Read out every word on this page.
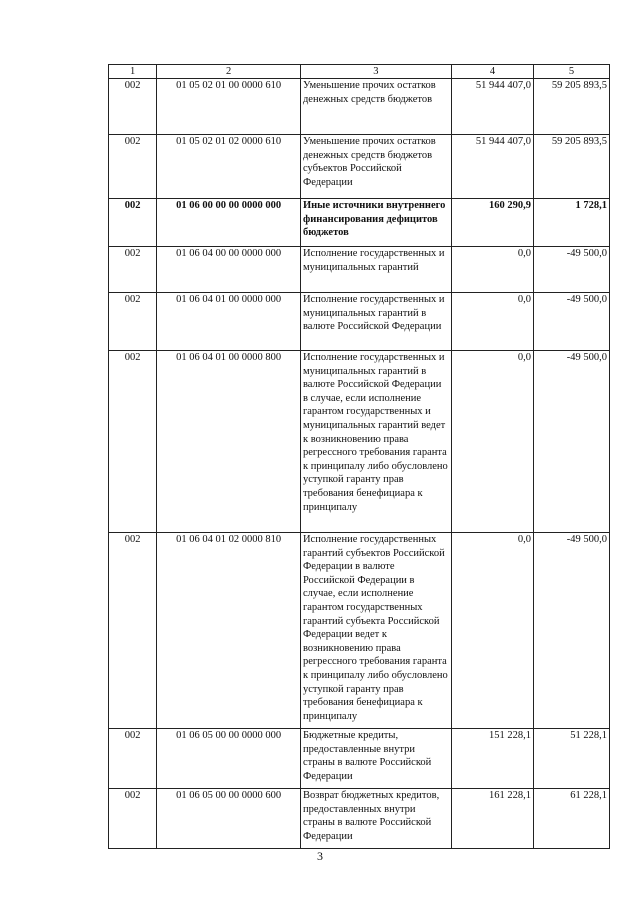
1	2	3	4	5
002	01 05 02 01 00 0000 610	Уменьшение прочих остатков денежных средств бюджетов	51 944 407,0	59 205 893,5
002	01 05 02 01 02 0000 610	Уменьшение прочих остатков денежных средств бюджетов субъектов Российской Федерации	51 944 407,0	59 205 893,5
002	01 06 00 00 00 0000 000	Иные источники внутреннего финансирования дефицитов бюджетов	160 290,9	1 728,1
002	01 06 04 00 00 0000 000	Исполнение государственных и муниципальных гарантий	0,0	-49 500,0
002	01 06 04 01 00 0000 000	Исполнение государственных и муниципальных гарантий в валюте Российской Федерации	0,0	-49 500,0
002	01 06 04 01 00 0000 800	Исполнение государственных и муниципальных гарантий в валюте Российской Федерации в случае, если исполнение гарантом государственных и муниципальных гарантий ведет к возникновению права регрессного требования гаранта к принципалу либо обусловлено уступкой гаранту прав требования бенефициара к принципалу	0,0	-49 500,0
002	01 06 04 01 02 0000 810	Исполнение государственных гарантий субъектов Российской Федерации в валюте Российской Федерации в случае, если исполнение гарантом государственных гарантий субъекта Российской Федерации ведет к возникновению права регрессного требования гаранта к принципалу либо обусловлено уступкой гаранту прав требования бенефициара к принципалу	0,0	-49 500,0
002	01 06 05 00 00 0000 000	Бюджетные кредиты, предоставленные внутри страны в валюте Российской Федерации	151 228,1	51 228,1
002	01 06 05 00 00 0000 600	Возврат бюджетных кредитов, предоставленных внутри страны в валюте Российской Федерации	161 228,1	61 228,1
3
